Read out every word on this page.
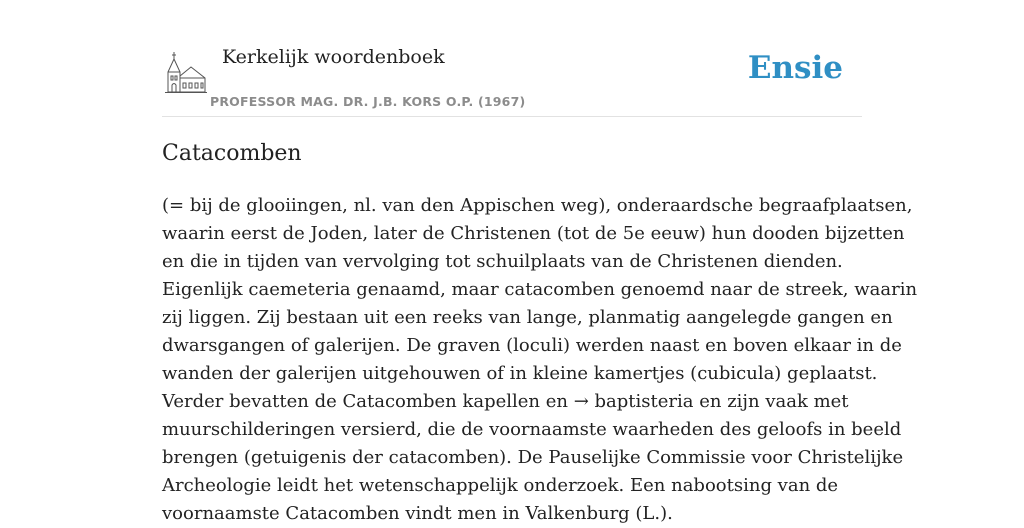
Kerkelijk woordenboek
PROFESSOR MAG. DR. J.B. KORS O.P. (1967)
Ensie
Catacomben
(= bij de glooiingen, nl. van den Appischen weg), onderaardsche begraafplaatsen,
waarin eerst de Joden, later de Christenen (tot de 5e eeuw) hun dooden bijzetten
en die in tijden van vervolging tot schuilplaats van de Christenen dienden.
Eigenlijk caemeteria genaamd, maar catacomben genoemd naar de streek, waarin
zij liggen. Zij bestaan uit een reeks van lange, planmatig aangelegde gangen en
dwarsgangen of galerijen. De graven (loculi) werden naast en boven elkaar in de
wanden der galerijen uitgehouwen of in kleine kamertjes (cubicula) geplaatst.
Verder bevatten de Catacomben kapellen en → baptisteria en zijn vaak met
muurschilderingen versierd, die de voornaamste waarheden des geloofs in beeld
brengen (getuigenis der catacomben). De Pauselijke Commissie voor Christelijke
Archeologie leidt het wetenschappelijk onderzoek. Een nabootsing van de
voornaamste Catacomben vindt men in Valkenburg (L.).
